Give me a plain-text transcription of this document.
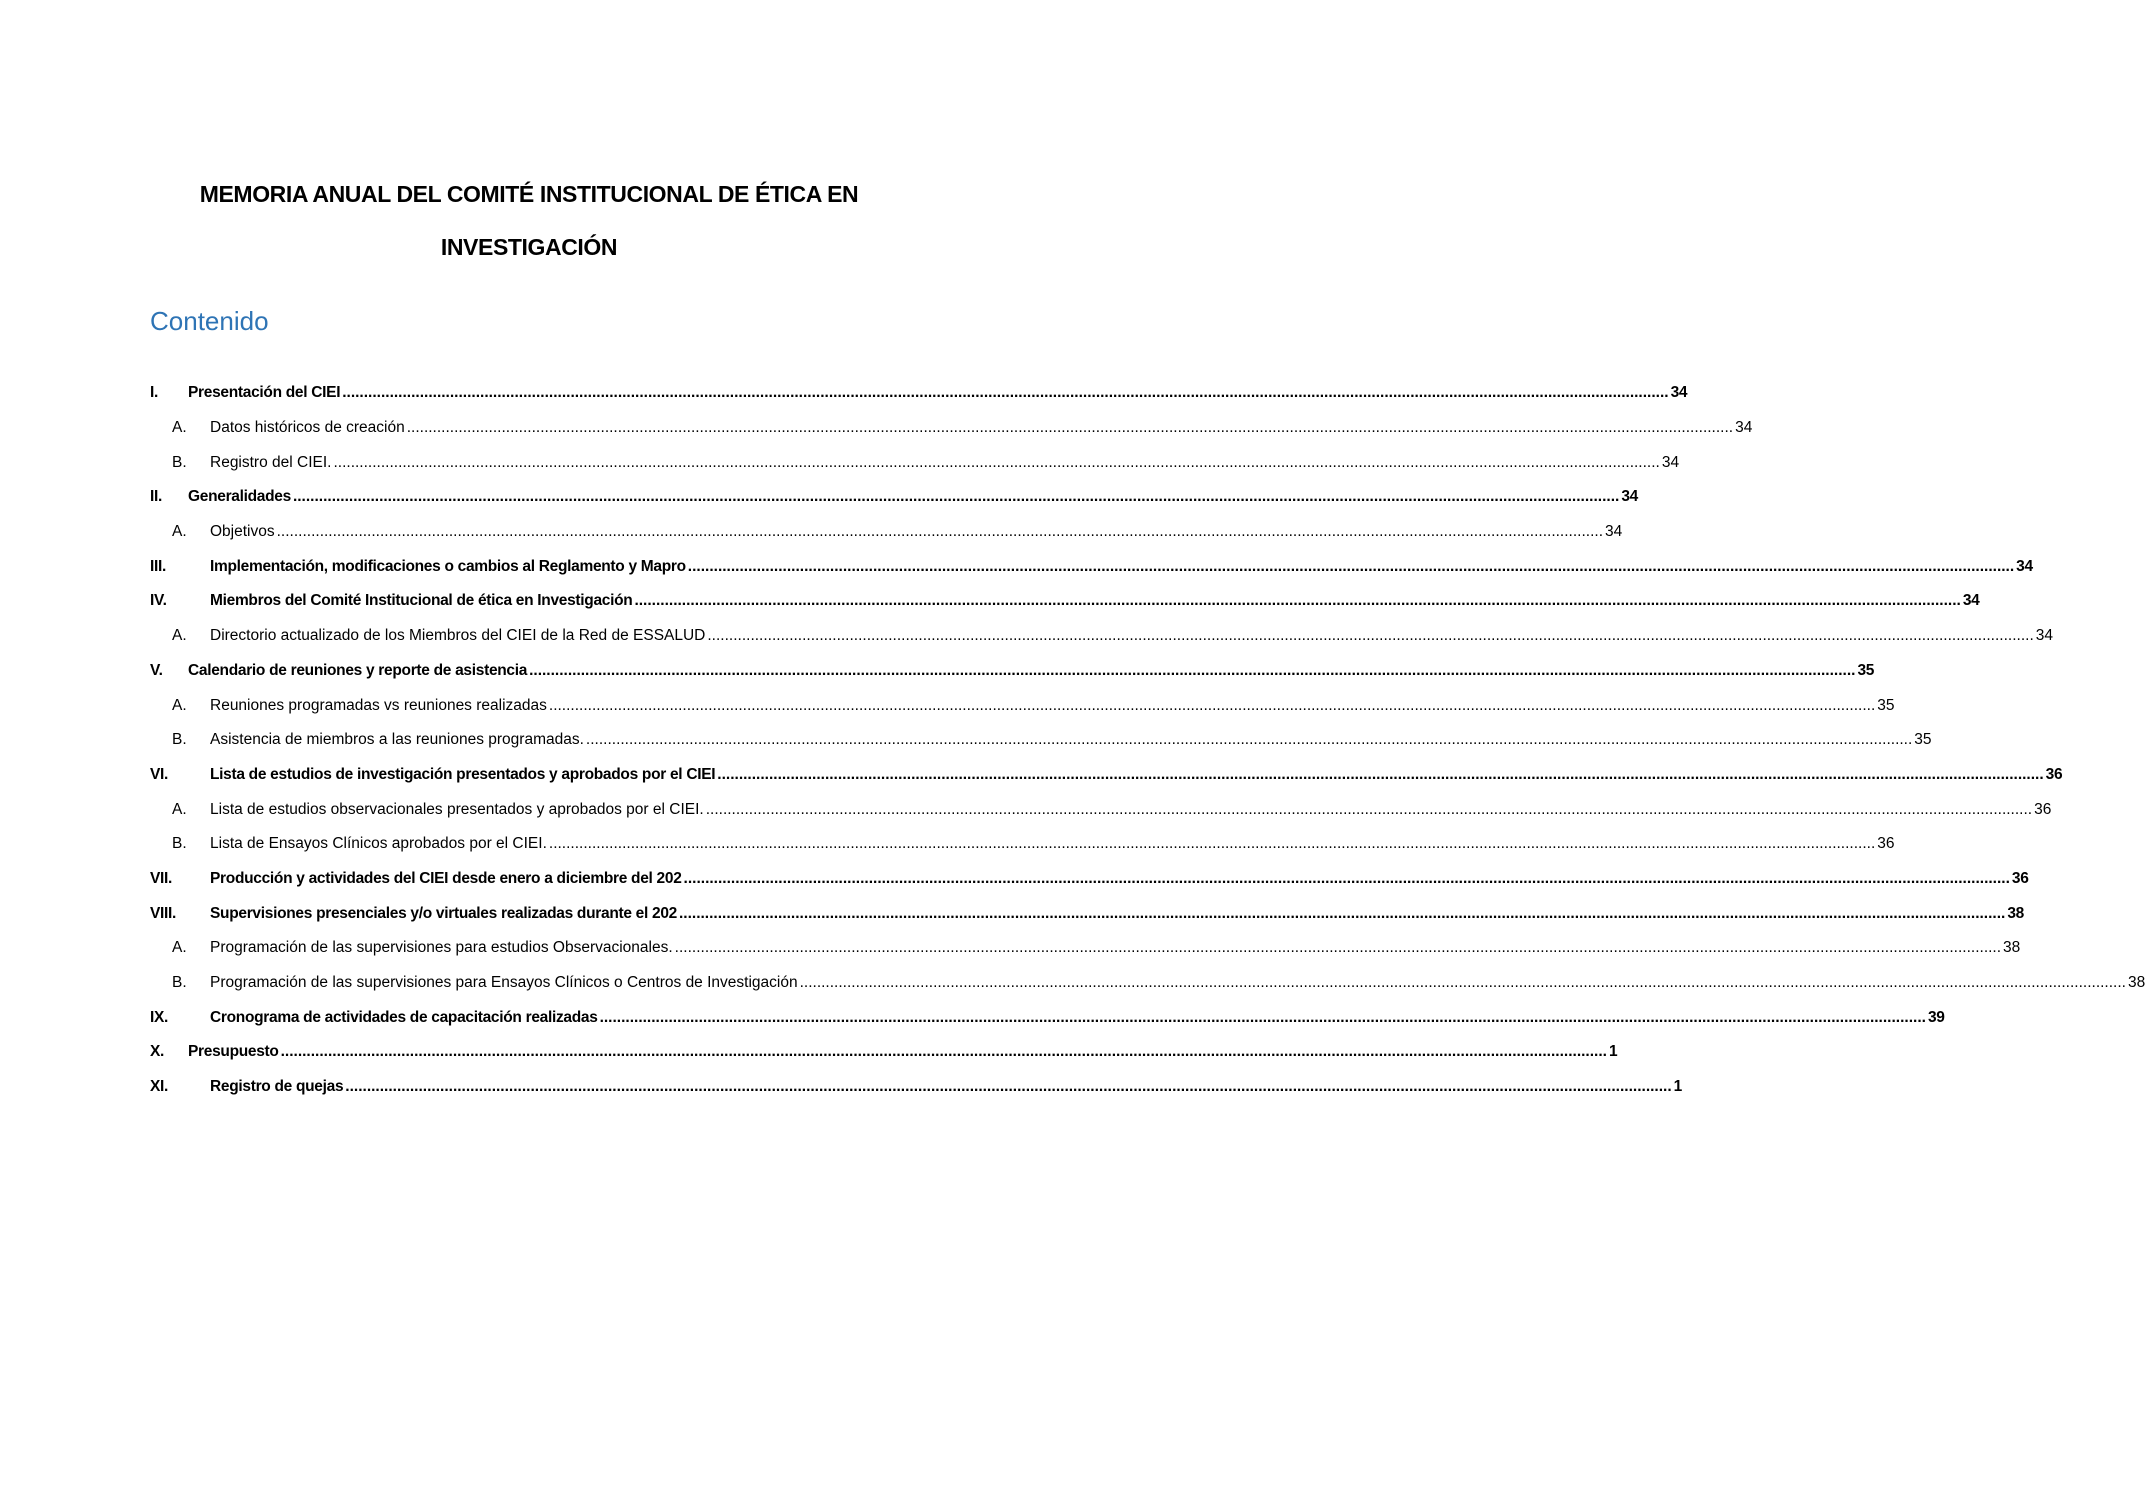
MEMORIA ANUAL DEL COMITÉ INSTITUCIONAL DE ÉTICA EN
INVESTIGACIÓN
Contenido
I.	Presentación del CIEI .....	34
A.	Datos históricos de creación .....	34
B.	Registro del CIEI. .....	34
II.	Generalidades .....	34
A.	Objetivos .....	34
III.	Implementación, modificaciones o cambios al Reglamento y Mapro .....	34
IV.	Miembros del Comité Institucional de ética en Investigación .....	34
A.	Directorio actualizado de los Miembros del CIEI de la Red de ESSALUD .....	34
V.	Calendario de reuniones y reporte de asistencia .....	35
A.	Reuniones programadas vs reuniones realizadas .....	35
B.	Asistencia de miembros a las reuniones programadas. .....	35
VI.	Lista de estudios de investigación presentados y aprobados por el CIEI .....	36
A.	Lista de estudios observacionales presentados y aprobados por el CIEI. .....	36
B.	Lista de Ensayos Clínicos aprobados por el CIEI. .....	36
VII.	Producción y actividades del CIEI desde enero a diciembre del 202 .....	36
VIII.	Supervisiones presenciales y/o virtuales realizadas durante el 202 .....	38
A.	Programación de las supervisiones para estudios Observacionales. .....	38
B.	Programación de las supervisiones para Ensayos Clínicos o Centros de Investigación .....	38
IX.	Cronograma de actividades de capacitación realizadas .....	39
X.	Presupuesto .....	1
XI.	Registro de quejas .....	1
